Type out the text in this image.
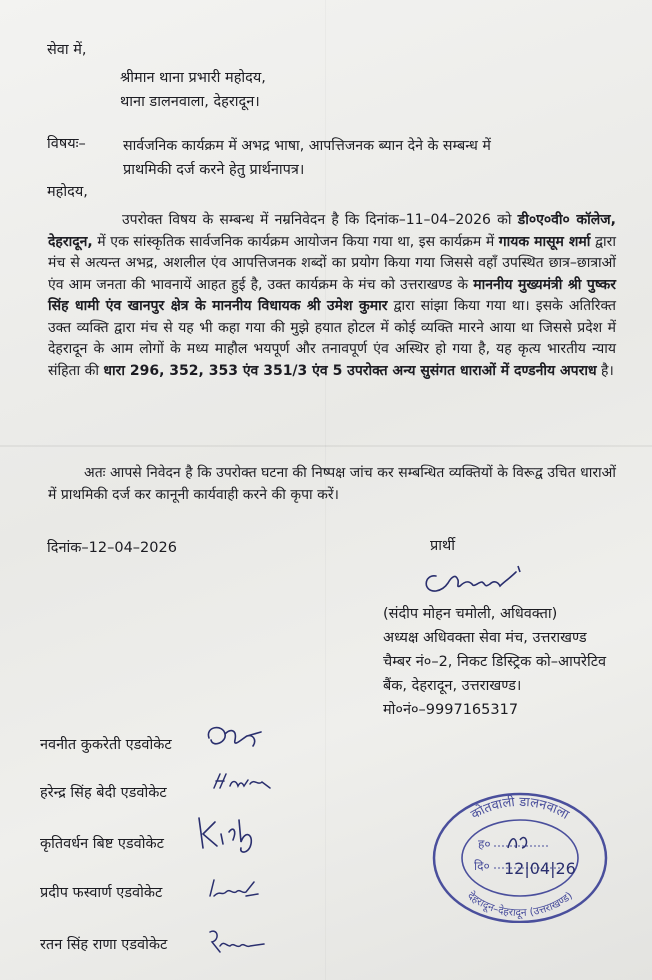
सेवा में,
श्रीमान थाना प्रभारी महोदय,
थाना डालनवाला, देहरादून।
विषयः–	सार्वजनिक कार्यक्रम में अभद्र भाषा, आपत्तिजनक ब्यान देने के सम्बन्ध में
प्राथमिकी दर्ज करने हेतु प्रार्थनापत्र।
महोदय,
उपरोक्त विषय के सम्बन्ध में नम्रनिवेदन है कि दिनांक–11–04–2026 को डी०ए०वी० कॉलेज, देहरादून, में एक सांस्कृतिक सार्वजनिक कार्यक्रम आयोजन किया गया था, इस कार्यक्रम में गायक मासूम शर्मा द्वारा मंच से अत्यन्त अभद्र, अशलील एंव आपत्तिजनक शब्दों का प्रयोग किया गया जिससे वहाँ उपस्थित छात्र–छात्राओं एंव आम जनता की भावनायें आहत हुई है, उक्त कार्यक्रम के मंच को उत्तराखण्ड के माननीय मुख्यमंत्री श्री पुष्कर सिंह धामी एंव खानपुर क्षेत्र के माननीय विधायक श्री उमेश कुमार द्वारा सांझा किया गया था। इसके अतिरिक्त उक्त व्यक्ति द्वारा मंच से यह भी कहा गया की मुझे हयात होटल में कोई व्यक्ति मारने आया था जिससे प्रदेश में देहरादून के आम लोगों के मध्य माहौल भयपूर्ण और तनावपूर्ण एंव अस्थिर हो गया है, यह कृत्य भारतीय न्याय संहिता की धारा 296, 352, 353 एंव 351/3 एंव 5 उपरोक्त अन्य सुसंगत धाराओं में दण्डनीय अपराध है।
अतः आपसे निवेदन है कि उपरोक्त घटना की निष्पक्ष जांच कर सम्बन्धित व्यक्तियों के विरूद्व उचित धाराओं में प्राथमिकी दर्ज कर कानूनी कार्यवाही करने की कृपा करें।
दिनांक–12–04–2026	प्रार्थी
(संदीप मोहन चमोली, अधिवक्ता)
अध्यक्ष अधिवक्ता सेवा मंच, उत्तराखण्ड
चैम्बर नं०–2, निकट डिस्ट्रिक को–आपरेटिव
बैंक, देहरादून, उत्तराखण्ड।
मो०नं०–9997165317
नवनीत कुकरेती एडवोकेट
हरेन्द्र सिंह बेदी एडवोकेट
कृतिवर्धन बिष्ट एडवोकेट
प्रदीप फस्वार्ण एडवोकेट
रतन सिंह राणा एडवोकेट
कोतवाली डालनवाला
देहरादून–देहरादून (उत्तराखण्ड)
ह०
दि० 12|04|26
